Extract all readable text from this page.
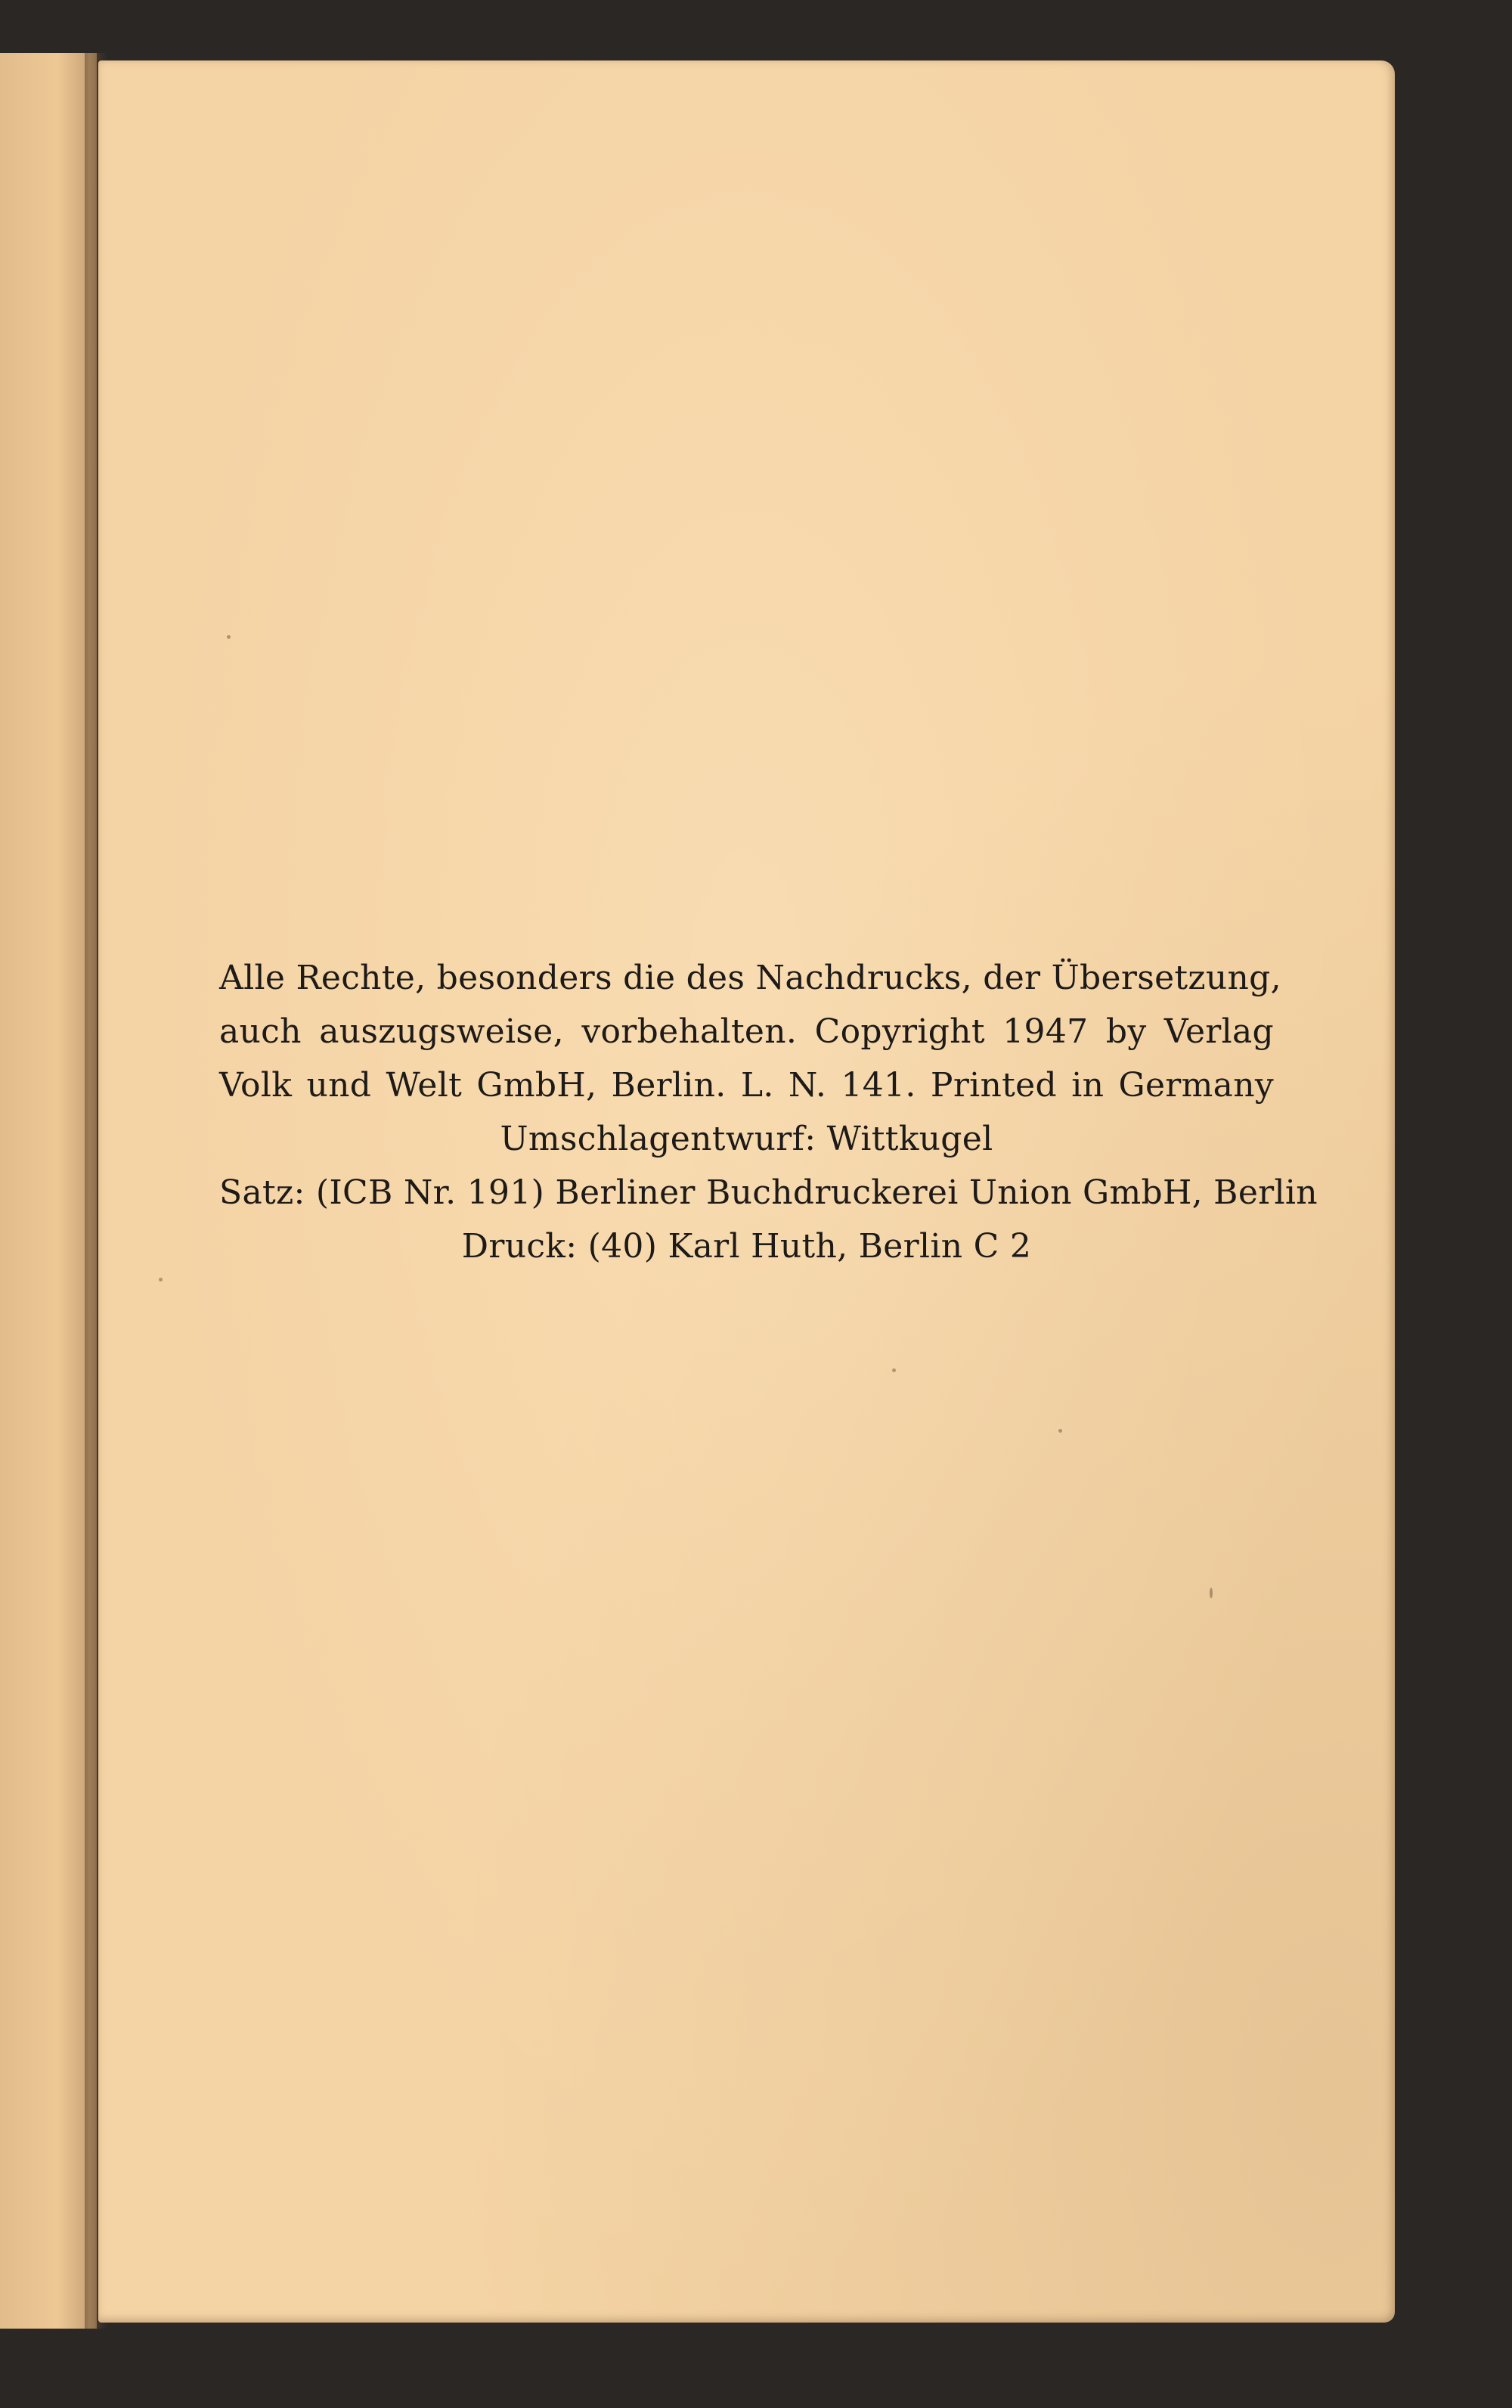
Alle Rechte, besonders die des Nachdrucks, der Übersetzung,
auch auszugsweise, vorbehalten. Copyright 1947 by Verlag
Volk und Welt GmbH, Berlin. L. N. 141. Printed in Germany
Umschlagentwurf: Wittkugel
Satz: (ICB Nr. 191) Berliner Buchdruckerei Union GmbH, Berlin
Druck: (40) Karl Huth, Berlin C 2
